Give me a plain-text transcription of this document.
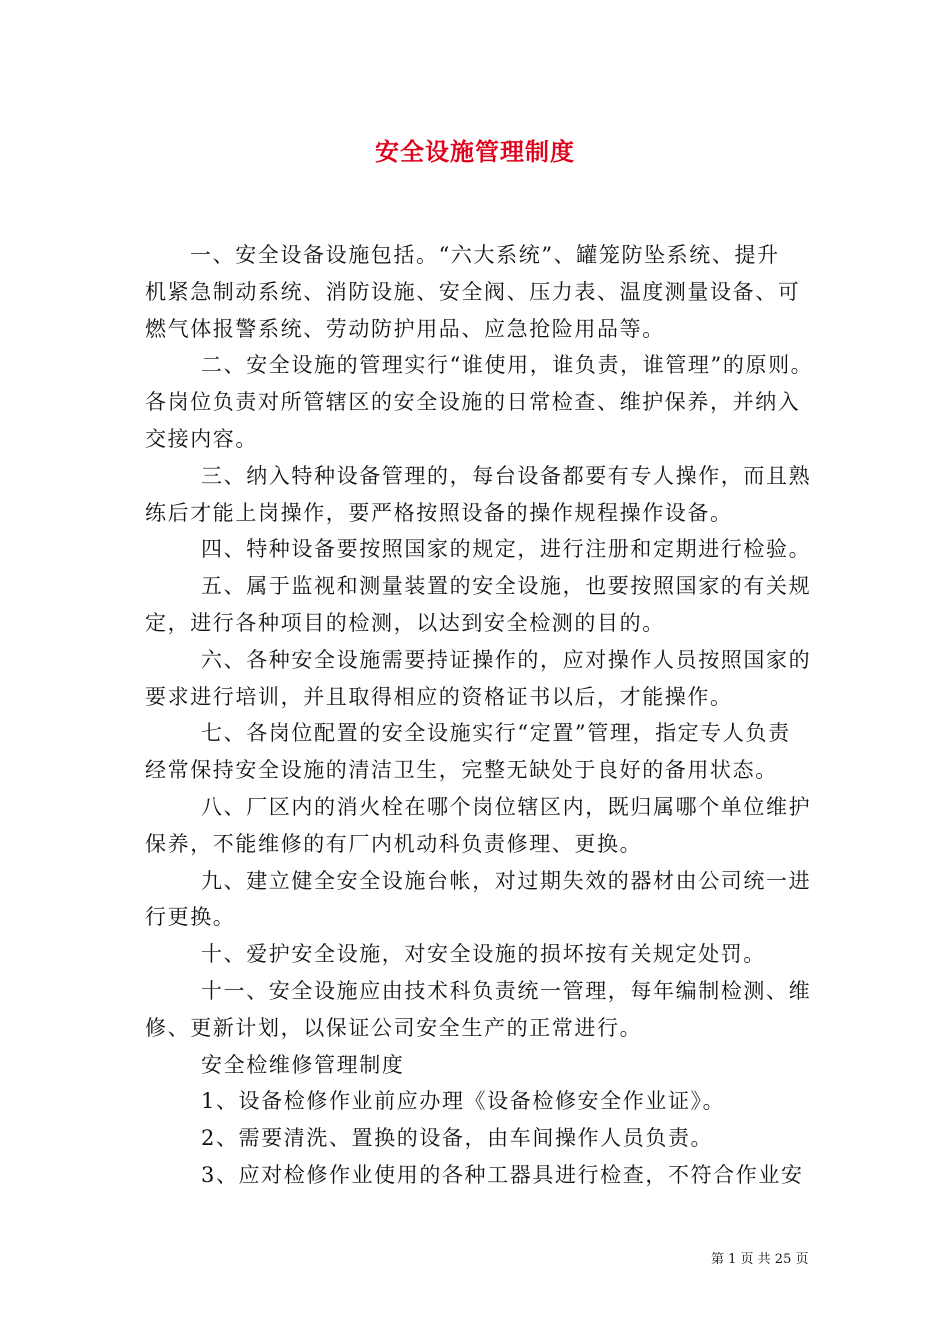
安全设施管理制度
一、安全设备设施包括。“六大系统”、罐笼防坠系统、提升
机紧急制动系统、消防设施、安全阀、压力表、温度测量设备、可
燃气体报警系统、劳动防护用品、应急抢险用品等。
二、安全设施的管理实行“谁使用，谁负责，谁管理”的原则。
各岗位负责对所管辖区的安全设施的日常检查、维护保养，并纳入
交接内容。
三、纳入特种设备管理的，每台设备都要有专人操作，而且熟
练后才能上岗操作，要严格按照设备的操作规程操作设备。
四、特种设备要按照国家的规定，进行注册和定期进行检验。
五、属于监视和测量装置的安全设施，也要按照国家的有关规
定，进行各种项目的检测，以达到安全检测的目的。
六、各种安全设施需要持证操作的，应对操作人员按照国家的
要求进行培训，并且取得相应的资格证书以后，才能操作。
七、各岗位配置的安全设施实行“定置”管理，指定专人负责
经常保持安全设施的清洁卫生，完整无缺处于良好的备用状态。
八、厂区内的消火栓在哪个岗位辖区内，既归属哪个单位维护
保养，不能维修的有厂内机动科负责修理、更换。
九、建立健全安全设施台帐，对过期失效的器材由公司统一进
行更换。
十、爱护安全设施，对安全设施的损坏按有关规定处罚。
十一、安全设施应由技术科负责统一管理，每年编制检测、维
修、更新计划，以保证公司安全生产的正常进行。
安全检维修管理制度
1、设备检修作业前应办理《设备检修安全作业证》。
2、需要清洗、置换的设备，由车间操作人员负责。
3、应对检修作业使用的各种工器具进行检查，不符合作业安
第 1 页 共 25 页
